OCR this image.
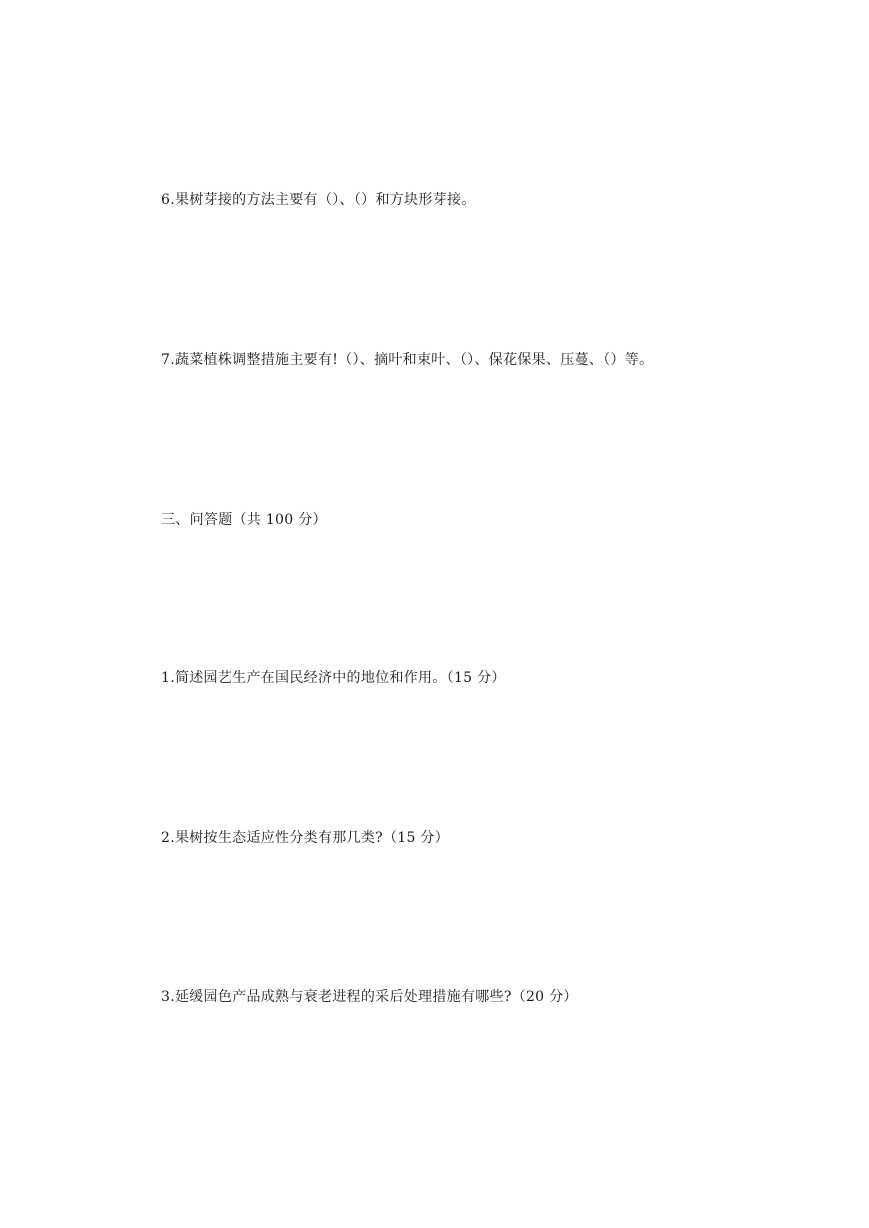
6.果树芽接的方法主要有（）、（）和方块形芽接。
7.蔬菜植株调整措施主要有!（）、摘叶和束叶、（）、保花保果、压蔓、（）等。
三、问答题（共 100 分）
1.简述园艺生产在国民经济中的地位和作用。（15 分）
2.果树按生态适应性分类有那几类?（15 分）
3.延缓园色产品成熟与衰老进程的采后处理措施有哪些?（20 分）
